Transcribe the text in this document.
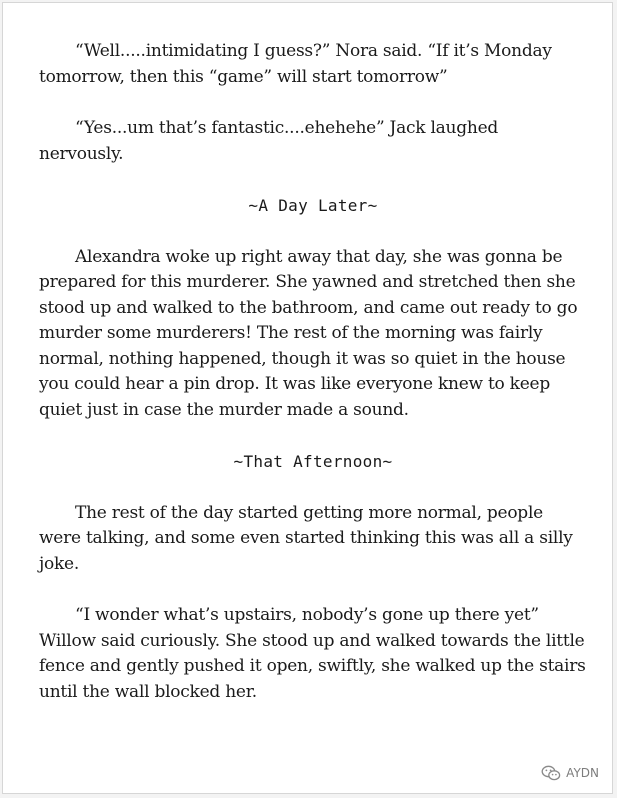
“Well.....intimidating I guess?” Nora said. “If it’s Monday tomorrow, then this “game” will start tomorrow”

“Yes...um that’s fantastic....ehehehe” Jack laughed nervously.

~A Day Later~

Alexandra woke up right away that day, she was gonna be prepared for this murderer. She yawned and stretched then she stood up and walked to the bathroom, and came out ready to go murder some murderers! The rest of the morning was fairly normal, nothing happened, though it was so quiet in the house you could hear a pin drop. It was like everyone knew to keep quiet just in case the murder made a sound.

~That Afternoon~

The rest of the day started getting more normal, people were talking, and some even started thinking this was all a silly joke.

“I wonder what’s upstairs, nobody’s gone up there yet” Willow said curiously. She stood up and walked towards the little fence and gently pushed it open, swiftly, she walked up the stairs until the wall blocked her.

AYDN
